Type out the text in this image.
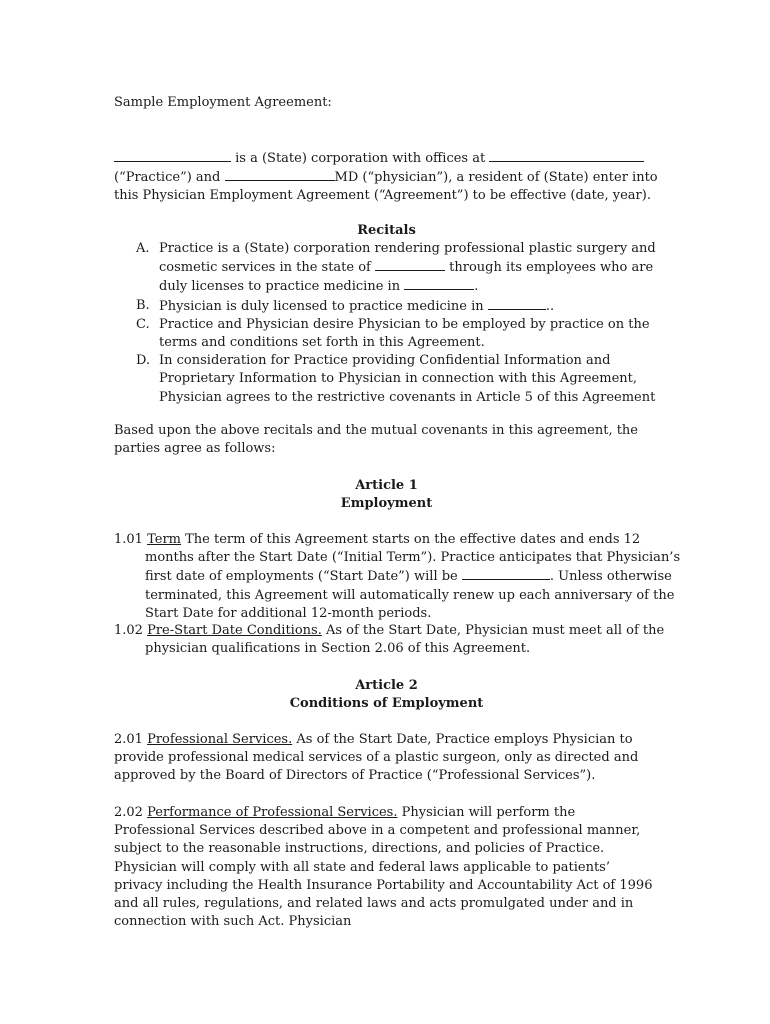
Sample Employment Agreement:

is a (State) corporation with offices at
(“Practice”) and	MD (“physician”), a resident of (State) enter into
this Physician Employment Agreement (“Agreement”) to be effective (date, year).

Recitals

A. Practice is a (State) corporation rendering professional plastic surgery and
cosmetic services in the state of	through its employees who are
duly licenses to practice medicine in	.
B. Physician is duly licensed to practice medicine in	..
C. Practice and Physician desire Physician to be employed by practice on the terms and conditions set forth in this Agreement.
D. In consideration for Practice providing Confidential Information and Proprietary Information to Physician in connection with this Agreement, Physician agrees to the restrictive covenants in Article 5 of this Agreement

Based upon the above recitals and the mutual covenants in this agreement, the parties agree as follows:

Article 1

Employment

1.01 Term The term of this Agreement starts on the effective dates and ends 12 months after the Start Date (“Initial Term”). Practice anticipates that Physician’s first date of employments (“Start Date”) will be	. Unless otherwise terminated, this Agreement will automatically renew up each anniversary of the Start Date for additional 12-month periods.
1.02 Pre-Start Date Conditions. As of the Start Date, Physician must meet all of the physician qualifications in Section 2.06 of this Agreement.

Article 2

Conditions of Employment

2.01 Professional Services. As of the Start Date, Practice employs Physician to provide professional medical services of a plastic surgeon, only as directed and approved by the Board of Directors of Practice (“Professional Services”).
2.02 Performance of Professional Services. Physician will perform the Professional Services described above in a competent and professional manner, subject to the reasonable instructions, directions, and policies of Practice. Physician will comply with all state and federal laws applicable to patients’ privacy including the Health Insurance Portability and Accountability Act of 1996 and all rules, regulations, and related laws and acts promulgated under and in connection with such Act. Physician
